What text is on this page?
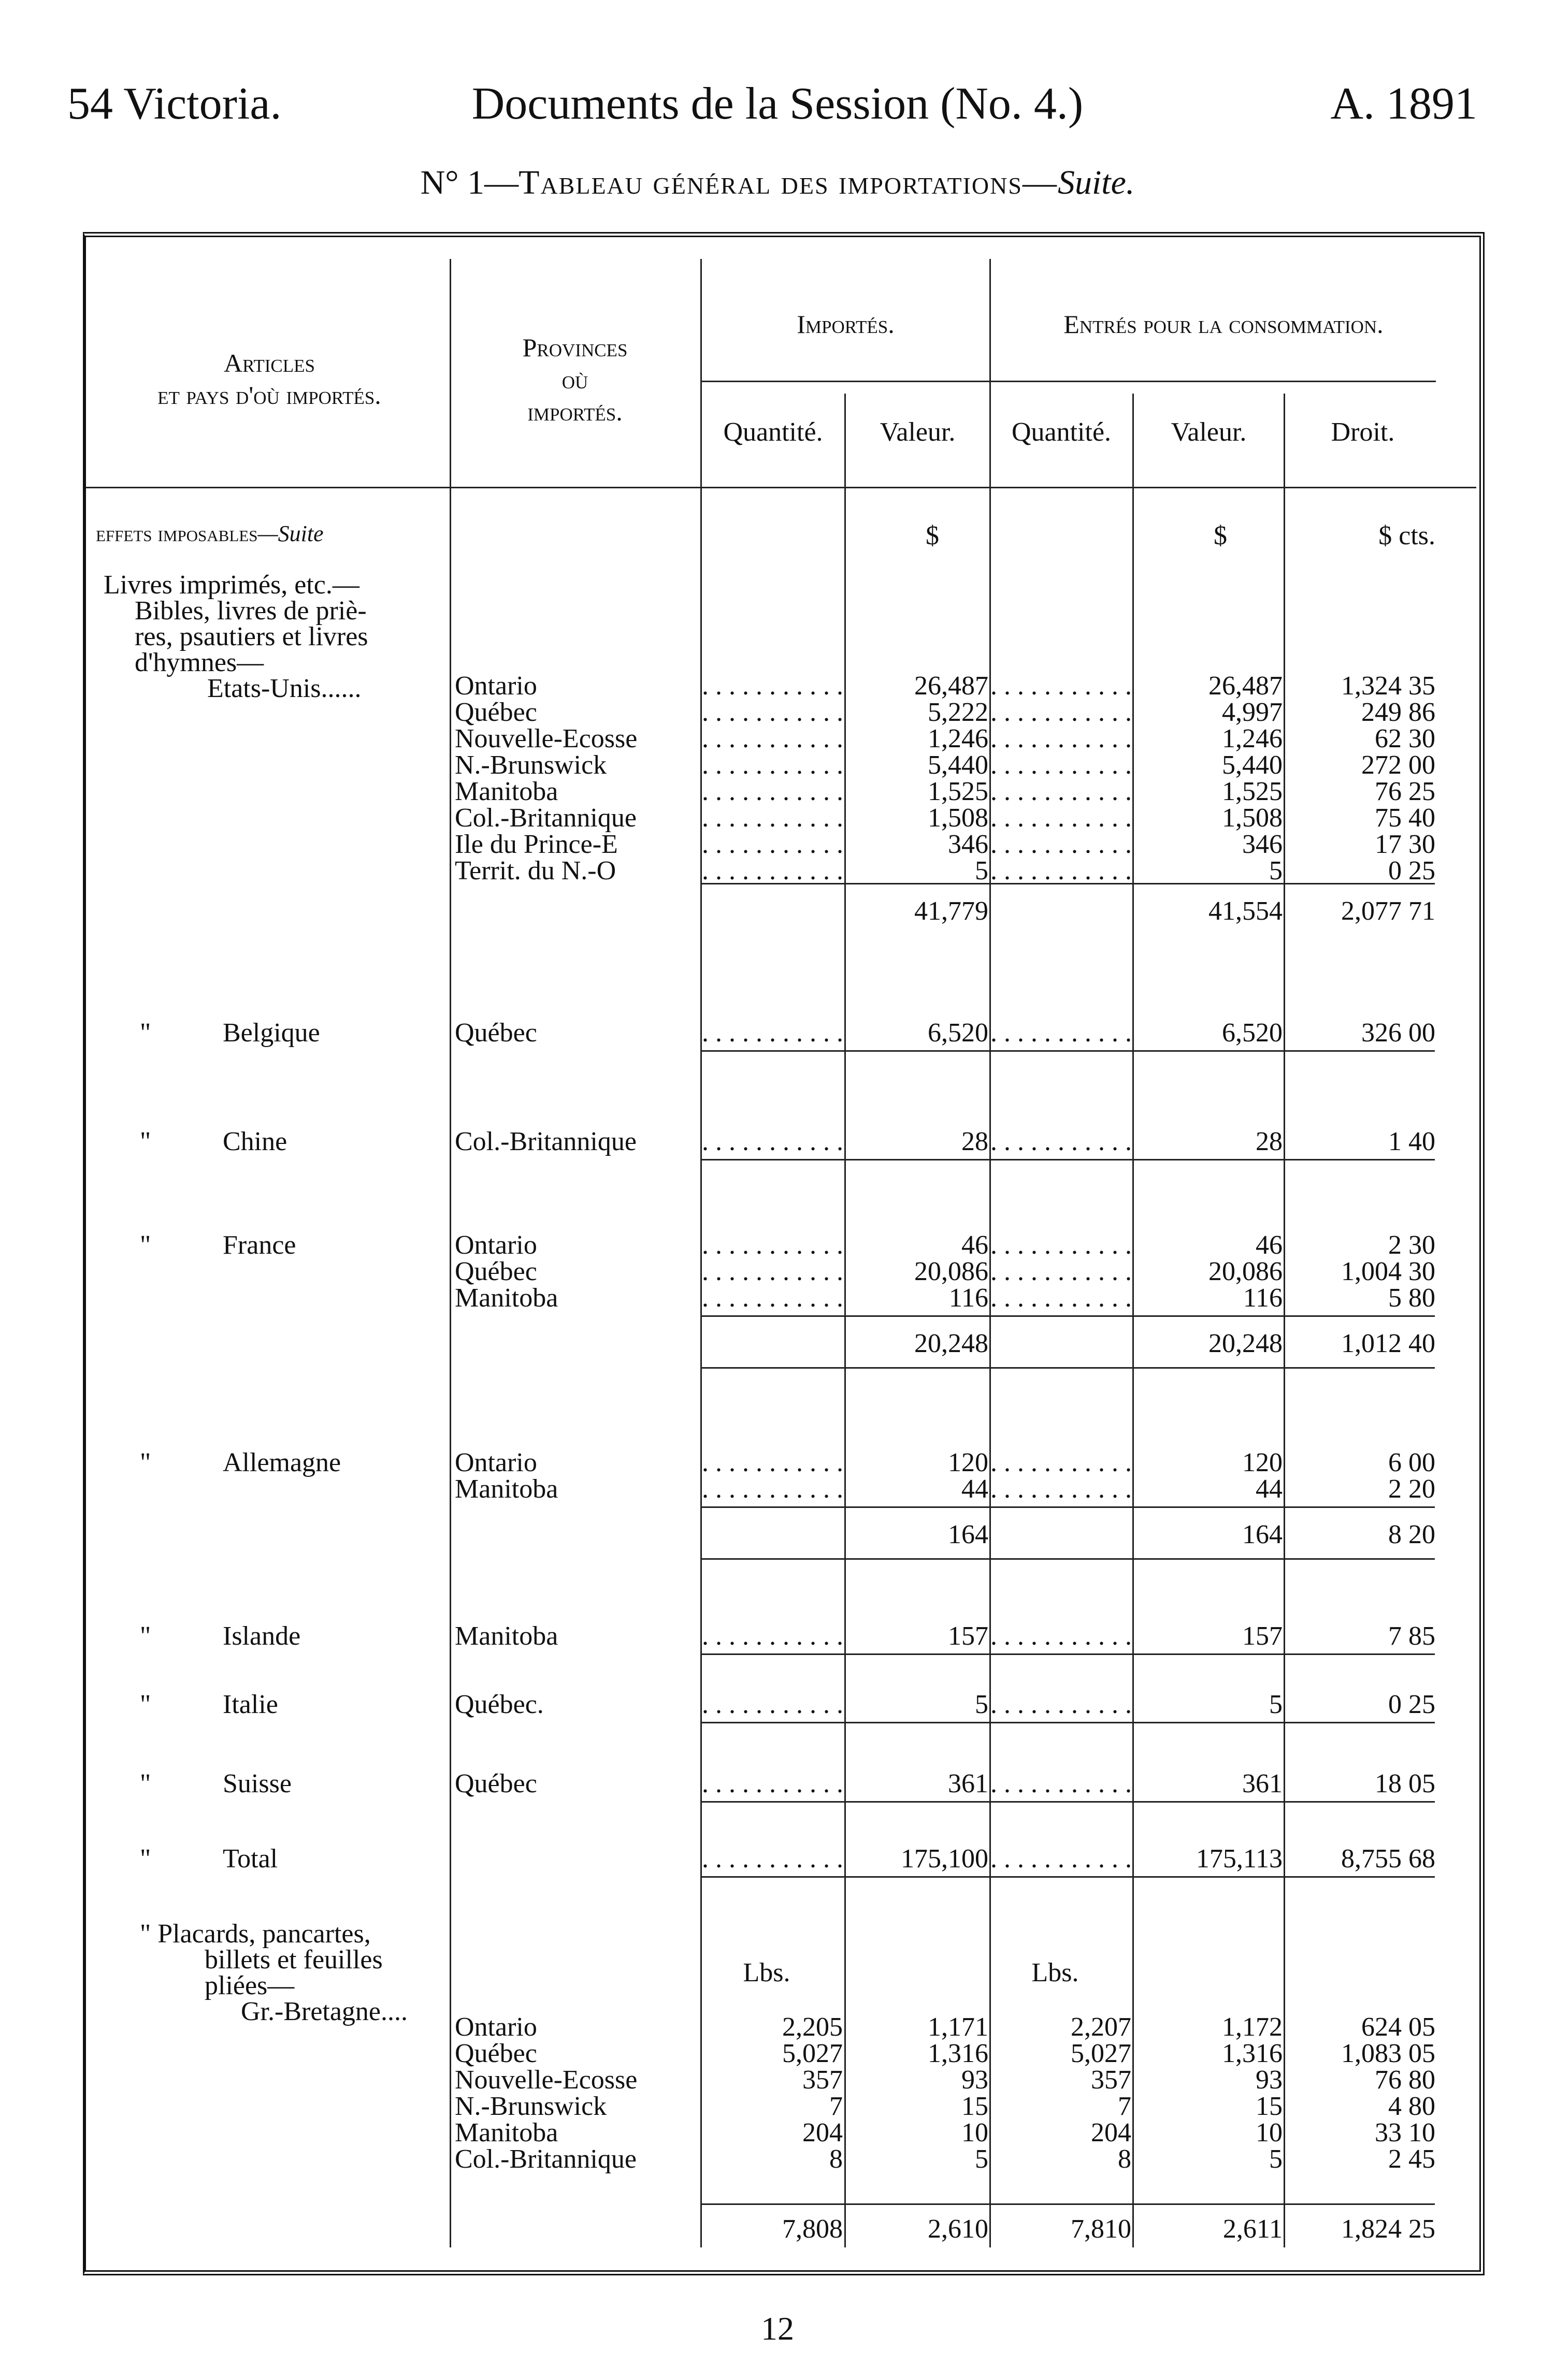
54 Victoria.	Documents de la Session (No. 4.)	A. 1891
N° 1—Tableau général des importations—Suite.
Articles
et pays d'où importés.
Provinces
où
importés.
Importés.	Entrés pour la consommation.
Quantité.	Valeur.	Quantité.	Valeur.	Droit.
effets imposables—Suite	$	$	$ cts.
Livres imprimés, etc.—
Bibles, livres de priè-
res, psautiers et livres
d'hymnes—
Etats-Unis......	Ontario . . .	26,487 . . .	26,487	1,324 35
Québec . . .	5,222 . . .	4,997	249 86
Nouvelle-Ecosse . . .	1,246 . . .	1,246	62 30
N.-Brunswick . . .	5,440 . . .	5,440	272 00
Manitoba . . .	1,525 . . .	1,525	76 25
Col.-Britannique . . .	1,508 . . .	1,508	75 40
Ile du Prince-E . . .	346 . . .	346	17 30
Territ. du N.-O . . .	5 . . .	5	0 25
41,779	41,554	2,077 71
"	Belgique	Québec . . .	6,520 . . .	6,520	326 00
"	Chine	Col.-Britannique . . .	28 . . .	28	1 40
"	France	Ontario . . .	46 . . .	46	2 30
Québec . . .	20,086 . . .	20,086	1,004 30
Manitoba . . .	116 . . .	116	5 80
20,248	20,248	1,012 40
"	Allemagne	Ontario . . .	120 . . .	120	6 00
Manitoba . . .	44 . . .	44	2 20
164	164	8 20
"	Islande	Manitoba . . .	157 . . .	157	7 85
"	Italie	Québec. . . .	5 . . .	5	0 25
"	Suisse	Québec . . .	361 . . .	361	18 05
"	Total . . .	175,100 . . .	175,113	8,755 68
" Placards, pancartes,
billets et feuilles
pliées—
Gr.-Bretagne....
Lbs.	Lbs.
Ontario	2,205	1,171	2,207	1,172	624 05
Québec	5,027	1,316	5,027	1,316	1,083 05
Nouvelle-Ecosse	357	93	357	93	76 80
N.-Brunswick	7	15	7	15	4 80
Manitoba	204	10	204	10	33 10
Col.-Britannique	8	5	8	5	2 45
7,808	2,610	7,810	2,611	1,824 25
12
